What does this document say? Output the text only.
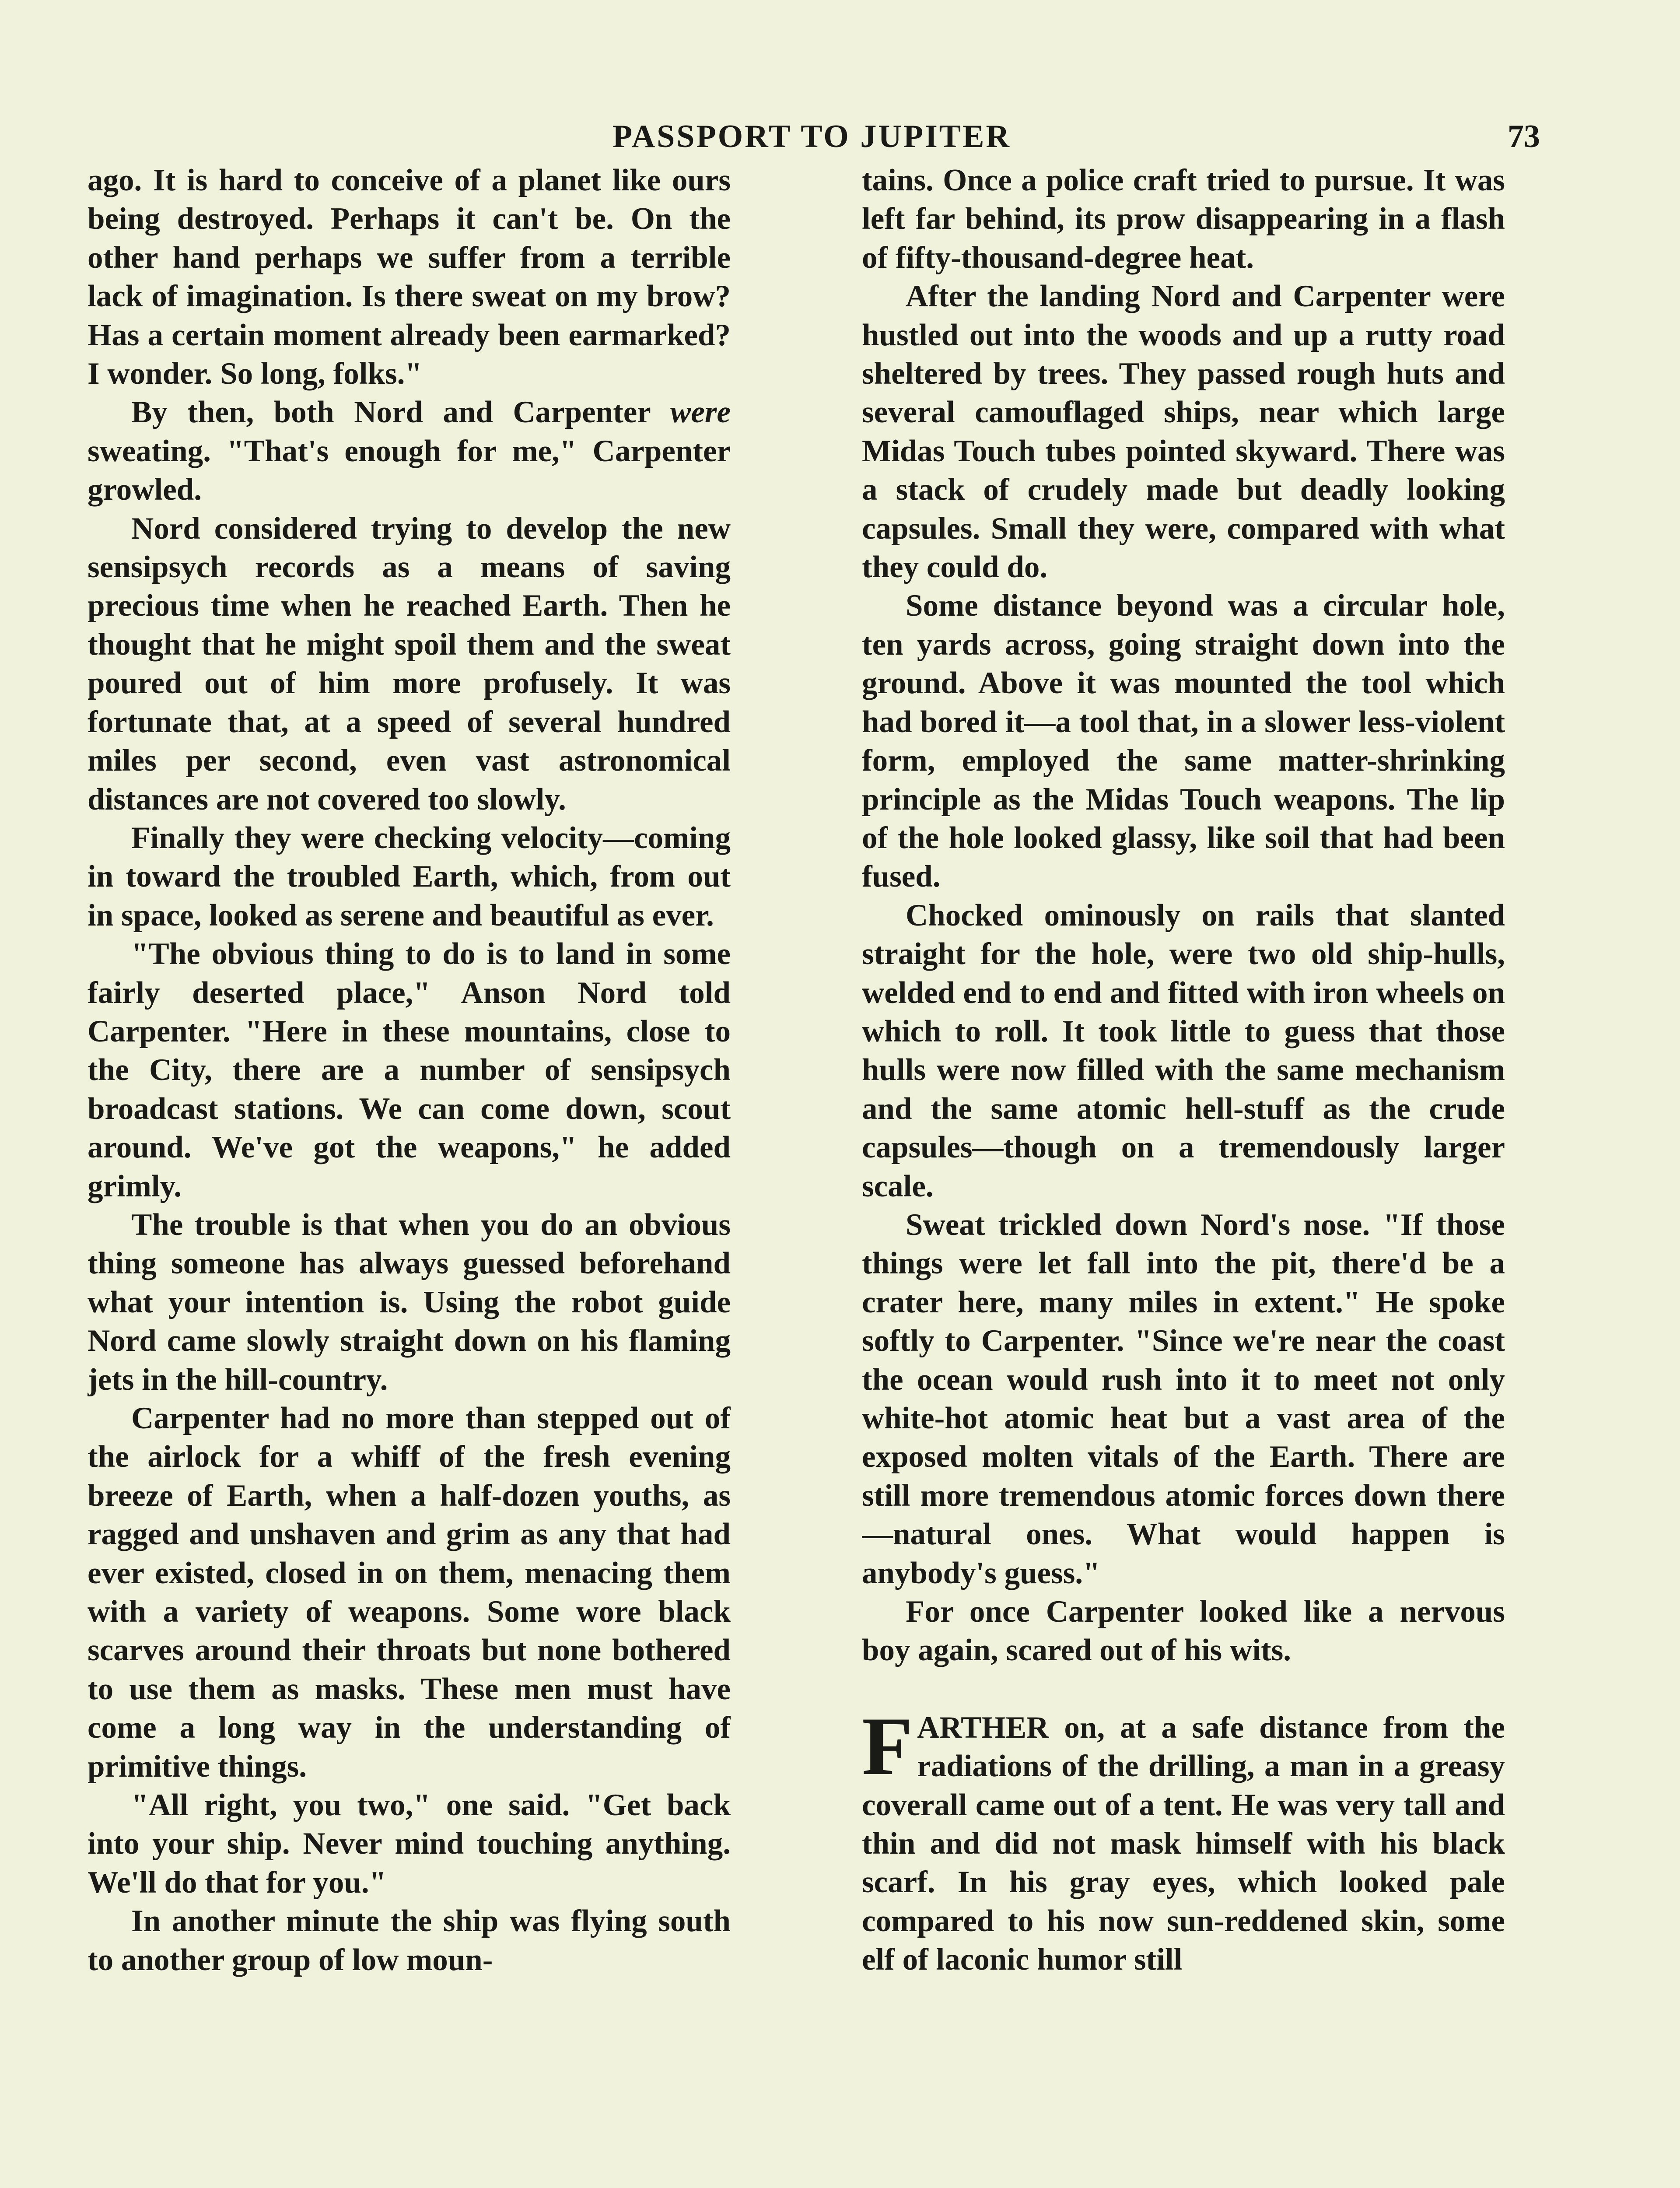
PASSPORT TO JUPITER	73

ago. It is hard to conceive of a planet like ours being destroyed. Perhaps it can't be. On the other hand perhaps we suffer from a terrible lack of imagination. Is there sweat on my brow? Has a certain moment already been earmarked? I wonder. So long, folks."

By then, both Nord and Carpenter were sweating. "That's enough for me," Carpenter growled.

Nord considered trying to develop the new sensipsych records as a means of saving precious time when he reached Earth. Then he thought that he might spoil them and the sweat poured out of him more profusely. It was fortunate that, at a speed of several hundred miles per second, even vast astronomical distances are not covered too slowly.

Finally they were checking velocity—coming in toward the troubled Earth, which, from out in space, looked as serene and beautiful as ever.

"The obvious thing to do is to land in some fairly deserted place," Anson Nord told Carpenter. "Here in these mountains, close to the City, there are a number of sensipsych broadcast stations. We can come down, scout around. We've got the weapons," he added grimly.

The trouble is that when you do an obvious thing someone has always guessed beforehand what your intention is. Using the robot guide Nord came slowly straight down on his flaming jets in the hill-country.

Carpenter had no more than stepped out of the airlock for a whiff of the fresh evening breeze of Earth, when a half-dozen youths, as ragged and unshaven and grim as any that had ever existed, closed in on them, menacing them with a variety of weapons. Some wore black scarves around their throats but none bothered to use them as masks. These men must have come a long way in the understanding of primitive things.

"All right, you two," one said. "Get back into your ship. Never mind touching anything. We'll do that for you."

In another minute the ship was flying south to another group of low moun-

tains. Once a police craft tried to pursue. It was left far behind, its prow disappearing in a flash of fifty-thousand-degree heat.

After the landing Nord and Carpenter were hustled out into the woods and up a rutty road sheltered by trees. They passed rough huts and several camouflaged ships, near which large Midas Touch tubes pointed skyward. There was a stack of crudely made but deadly looking capsules. Small they were, compared with what they could do.

Some distance beyond was a circular hole, ten yards across, going straight down into the ground. Above it was mounted the tool which had bored it—a tool that, in a slower less-violent form, employed the same matter-shrinking principle as the Midas Touch weapons. The lip of the hole looked glassy, like soil that had been fused.

Chocked ominously on rails that slanted straight for the hole, were two old ship-hulls, welded end to end and fitted with iron wheels on which to roll. It took little to guess that those hulls were now filled with the same mechanism and the same atomic hell-stuff as the crude capsules—though on a tremendously larger scale.

Sweat trickled down Nord's nose. "If those things were let fall into the pit, there'd be a crater here, many miles in extent." He spoke softly to Carpenter. "Since we're near the coast the ocean would rush into it to meet not only white-hot atomic heat but a vast area of the exposed molten vitals of the Earth. There are still more tremendous atomic forces down there—natural ones. What would happen is anybody's guess."

For once Carpenter looked like a nervous boy again, scared out of his wits.

FARTHER on, at a safe distance from the radiations of the drilling, a man in a greasy coverall came out of a tent. He was very tall and thin and did not mask himself with his black scarf. In his gray eyes, which looked pale compared to his now sun-reddened skin, some elf of laconic humor still
